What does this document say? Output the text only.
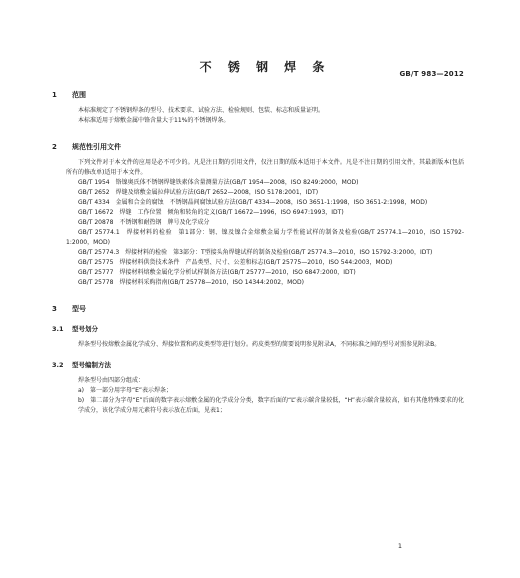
GB/T 983—2012
不 锈 钢 焊 条
1 范围

本标准规定了不锈钢焊条的型号、技术要求、试验方法、检验规则、包装、标志和质量证明。

本标准适用于熔敷金属中铬含量大于11%的不锈钢焊条。

2 规范性引用文件

下列文件对于本文件的应用是必不可少的。凡是注日期的引用文件，仅注日期的版本适用于本文件。凡是不注日期的引用文件，其最新版本(包括所有的修改单)适用于本文件。

GB/T 1954　铬镍奥氏体不锈钢焊缝铁素体含量测量方法(GB/T 1954—2008，ISO 8249:2000，MOD)

GB/T 2652　焊缝及熔敷金属拉伸试验方法(GB/T 2652—2008，ISO 5178:2001，IDT)

GB/T 4334　金属和合金的腐蚀　不锈钢晶间腐蚀试验方法(GB/T 4334—2008，ISO 3651-1:1998，ISO 3651-2:1998，MOD)

GB/T 16672　焊缝　工作位置　倾角和转角的定义(GB/T 16672—1996，ISO 6947:1993，IDT)

GB/T 20878　不锈钢和耐热钢　牌号及化学成分

GB/T 25774.1　焊接材料的检验　第1部分：钢、镍及镍合金熔敷金属力学性能试样的制备及检验(GB/T 25774.1—2010，ISO 15792-1:2000，MOD)

GB/T 25774.3　焊接材料的检验　第3部分：T型接头角焊缝试样的制备及检验(GB/T 25774.3—2010，ISO 15792-3:2000，IDT)

GB/T 25775　焊接材料供货技术条件　产品类型、尺寸、公差和标志(GB/T 25775—2010，ISO 544:2003，MOD)

GB/T 25777　焊接材料熔敷金属化学分析试样制备方法(GB/T 25777—2010，ISO 6847:2000，IDT)

GB/T 25778　焊接材料采购指南(GB/T 25778—2010，ISO 14344:2002，MOD)

3 型号
3.1 型号划分

焊条型号按熔敷金属化学成分、焊接位置和药皮类型等进行划分。药皮类型的简要说明参见附录A，不同标准之间的型号对照参见附录B。

3.2 型号编制方法

焊条型号由四部分组成：

a)　第一部分用字母“E”表示焊条；

b)　第二部分为字母“E”后面的数字表示熔敷金属的化学成分分类，数字后面的“L”表示碳含量较低，“H”表示碳含量较高，如有其他特殊要求的化学成分，该化学成分用元素符号表示放在后面，见表1；

1
